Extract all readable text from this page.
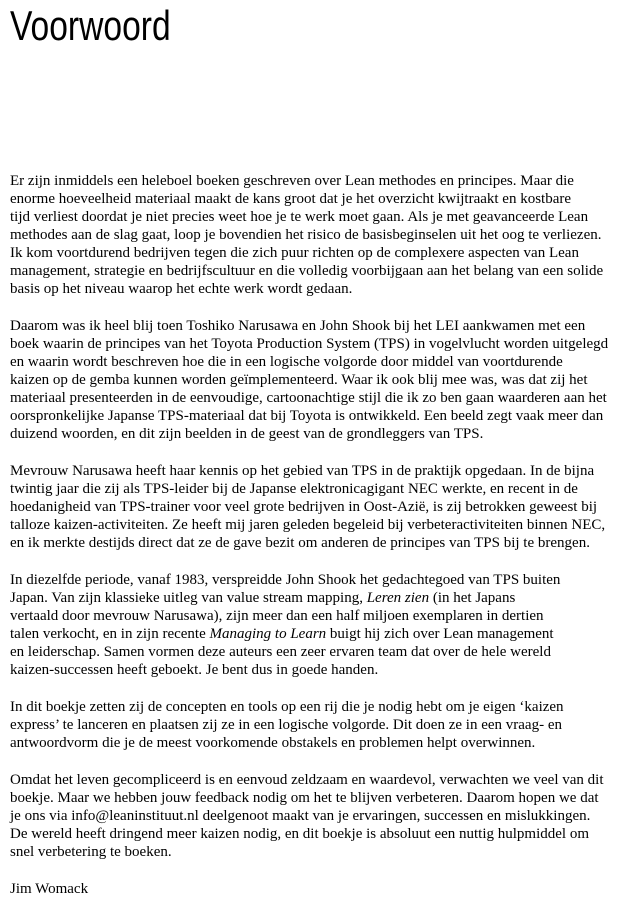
Voorwoord

Er zijn inmiddels een heleboel boeken geschreven over Lean methodes en principes. Maar die
enorme hoeveelheid materiaal maakt de kans groot dat je het overzicht kwijtraakt en kostbare
tijd verliest doordat je niet precies weet hoe je te werk moet gaan. Als je met geavanceerde Lean
methodes aan de slag gaat, loop je bovendien het risico de basisbeginselen uit het oog te verliezen.
Ik kom voortdurend bedrijven tegen die zich puur richten op de complexere aspecten van Lean
management, strategie en bedrijfscultuur en die volledig voorbijgaan aan het belang van een solide
basis op het niveau waarop het echte werk wordt gedaan.

Daarom was ik heel blij toen Toshiko Narusawa en John Shook bij het LEI aankwamen met een
boek waarin de principes van het Toyota Production System (TPS) in vogelvlucht worden uitgelegd
en waarin wordt beschreven hoe die in een logische volgorde door middel van voortdurende
kaizen op de gemba kunnen worden geïmplementeerd. Waar ik ook blij mee was, was dat zij het
materiaal presenteerden in de eenvoudige, cartoonachtige stijl die ik zo ben gaan waarderen aan het
oorspronkelijke Japanse TPS-materiaal dat bij Toyota is ontwikkeld. Een beeld zegt vaak meer dan
duizend woorden, en dit zijn beelden in de geest van de grondleggers van TPS.

Mevrouw Narusawa heeft haar kennis op het gebied van TPS in de praktijk opgedaan. In de bijna
twintig jaar die zij als TPS-leider bij de Japanse elektronicagigant NEC werkte, en recent in de
hoedanigheid van TPS-trainer voor veel grote bedrijven in Oost-Azië, is zij betrokken geweest bij
talloze kaizen-activiteiten. Ze heeft mij jaren geleden begeleid bij verbeteractiviteiten binnen NEC,
en ik merkte destijds direct dat ze de gave bezit om anderen de principes van TPS bij te brengen.

In diezelfde periode, vanaf 1983, verspreidde John Shook het gedachtegoed van TPS buiten
Japan. Van zijn klassieke uitleg van value stream mapping, Leren zien (in het Japans
vertaald door mevrouw Narusawa), zijn meer dan een half miljoen exemplaren in dertien
talen verkocht, en in zijn recente Managing to Learn buigt hij zich over Lean management
en leiderschap. Samen vormen deze auteurs een zeer ervaren team dat over de hele wereld
kaizen-successen heeft geboekt. Je bent dus in goede handen.

In dit boekje zetten zij de concepten en tools op een rij die je nodig hebt om je eigen ‘kaizen
express’ te lanceren en plaatsen zij ze in een logische volgorde. Dit doen ze in een vraag- en
antwoordvorm die je de meest voorkomende obstakels en problemen helpt overwinnen.

Omdat het leven gecompliceerd is en eenvoud zeldzaam en waardevol, verwachten we veel van dit
boekje. Maar we hebben jouw feedback nodig om het te blijven verbeteren. Daarom hopen we dat
je ons via info@leaninstituut.nl deelgenoot maakt van je ervaringen, successen en mislukkingen.
De wereld heeft dringend meer kaizen nodig, en dit boekje is absoluut een nuttig hulpmiddel om
snel verbetering te boeken.

Jim Womack
